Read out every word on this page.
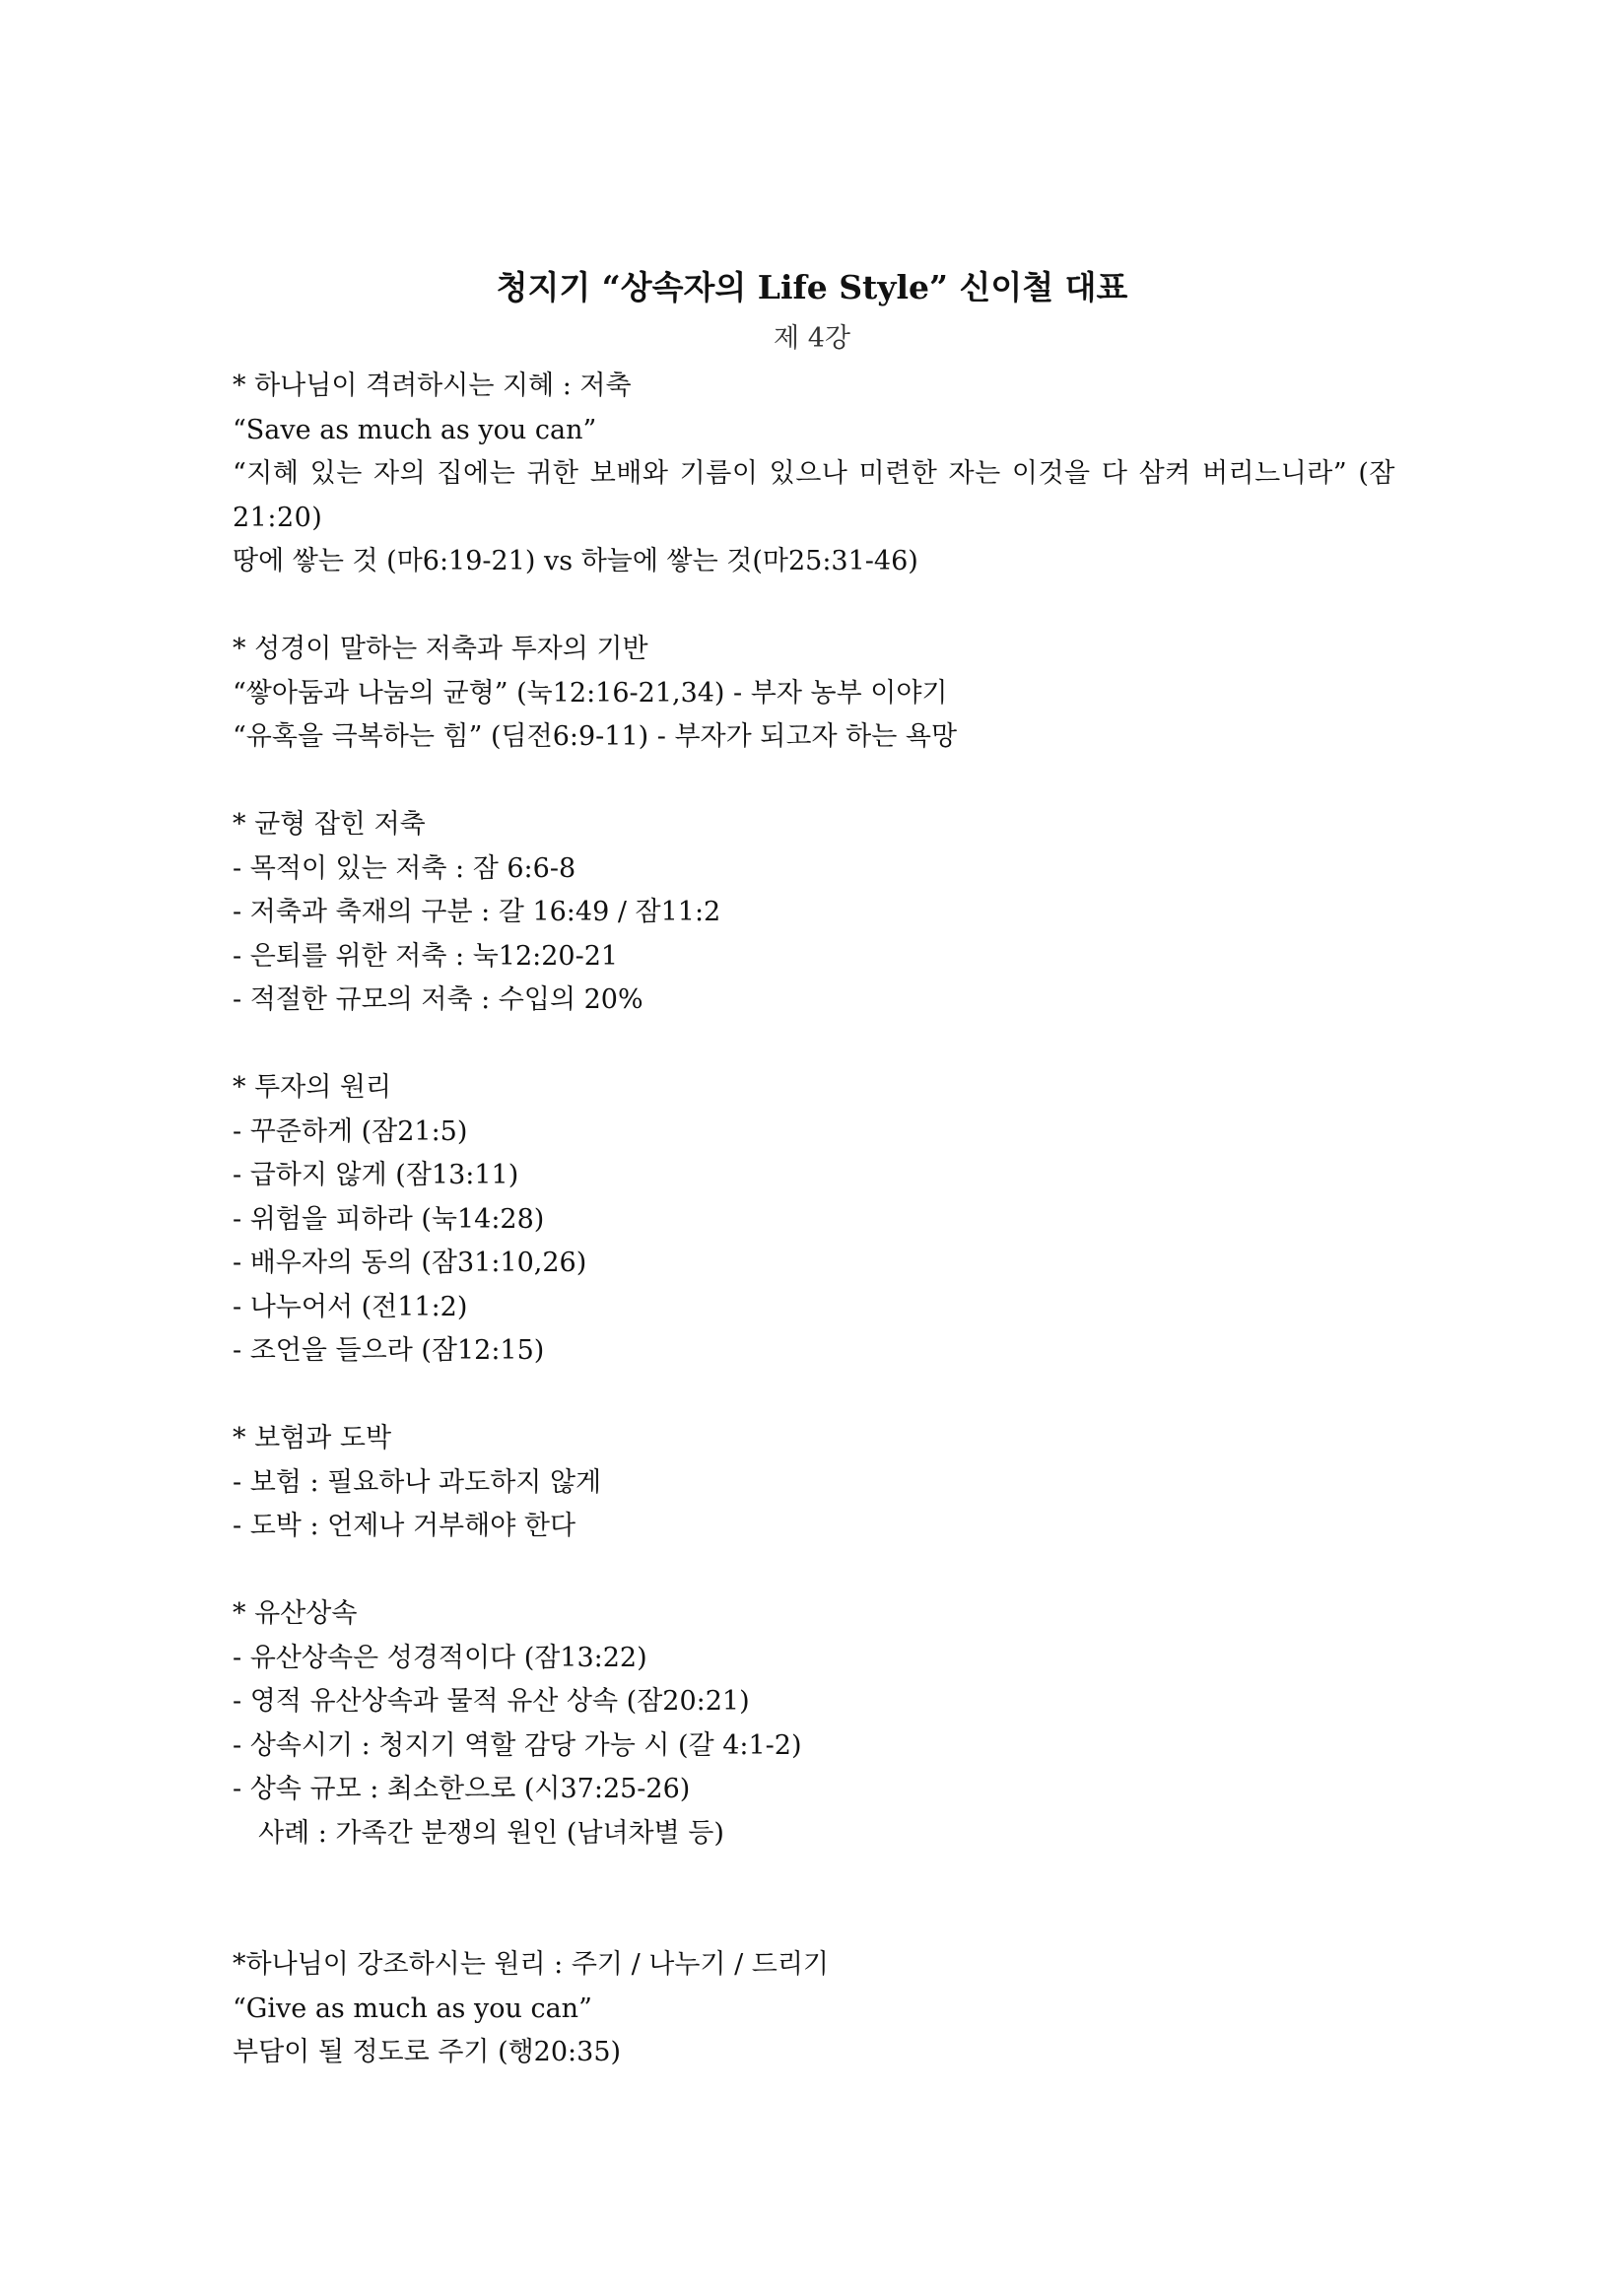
청지기 “상속자의 Life Style” 신이철 대표
제 4강
* 하나님이 격려하시는 지혜 : 저축
“Save as much as you can”
“지혜 있는 자의 집에는 귀한 보배와 기름이 있으나 미련한 자는 이것을 다 삼켜 버리느니라” (잠 21:20)
땅에 쌓는 것 (마6:19-21) vs 하늘에 쌓는 것(마25:31-46)
* 성경이 말하는 저축과 투자의 기반
“쌓아둠과 나눔의 균형” (눅12:16-21,34) - 부자 농부 이야기
“유혹을 극복하는 힘” (딤전6:9-11) - 부자가 되고자 하는 욕망
* 균형 잡힌 저축
- 목적이 있는 저축 : 잠 6:6-8
- 저축과 축재의 구분 : 갈 16:49 / 잠11:2
- 은퇴를 위한 저축 : 눅12:20-21
- 적절한 규모의 저축 : 수입의 20%
* 투자의 원리
- 꾸준하게 (잠21:5)
- 급하지 않게 (잠13:11)
- 위험을 피하라 (눅14:28)
- 배우자의 동의 (잠31:10,26)
- 나누어서 (전11:2)
- 조언을 들으라 (잠12:15)
* 보험과 도박
- 보험 : 필요하나 과도하지 않게
- 도박 : 언제나 거부해야 한다
* 유산상속
- 유산상속은 성경적이다 (잠13:22)
- 영적 유산상속과 물적 유산 상속 (잠20:21)
- 상속시기 : 청지기 역할 감당 가능 시 (갈 4:1-2)
- 상속 규모 : 최소한으로 (시37:25-26)
사례 : 가족간 분쟁의 원인 (남녀차별 등)
*하나님이 강조하시는 원리 : 주기 / 나누기 / 드리기
“Give as much as you can”
부담이 될 정도로 주기 (행20:35)
